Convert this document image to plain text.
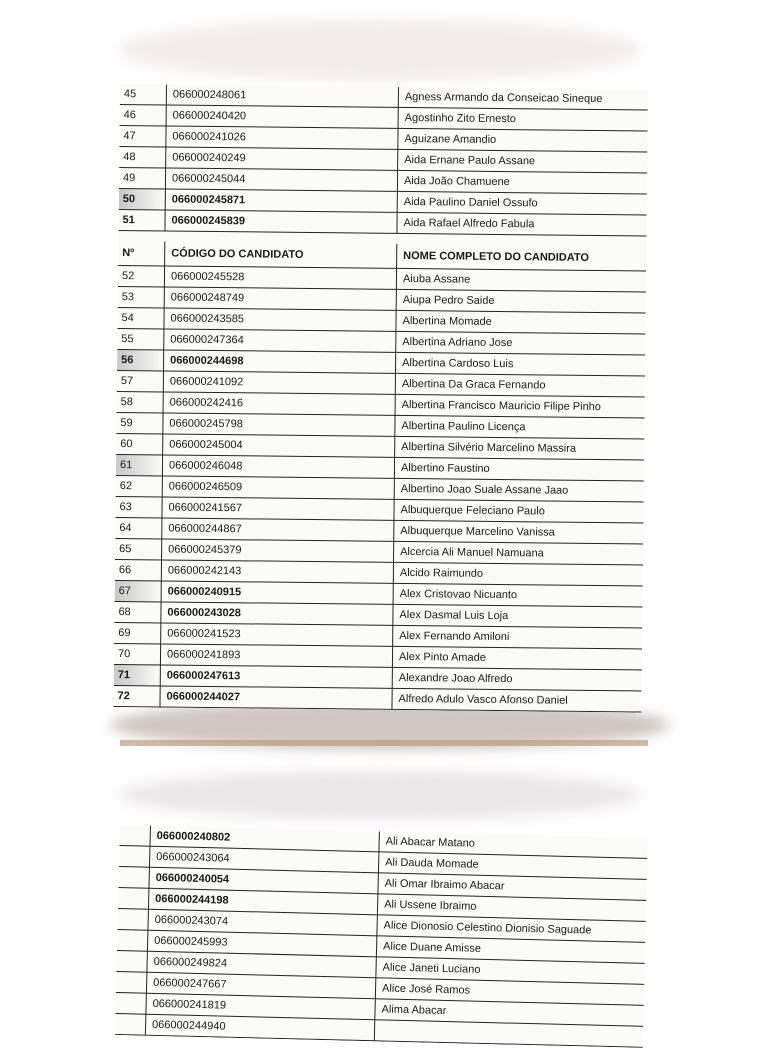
45	066000248061	Agness Armando da Conseicao Sineque
46	066000240420	Agostinho Zito Ernesto
47	066000241026	Aguizane Amandio
48	066000240249	Aida Ernane Paulo Assane
49	066000245044	Aida João Chamuene
50	066000245871	Aida Paulino Daniel Ossufo
51	066000245839	Aida Rafael Alfredo Fabula
Nº	CÓDIGO DO CANDIDATO	NOME COMPLETO DO CANDIDATO
52	066000245528	Aiuba Assane
53	066000248749	Aiupa Pedro Saide
54	066000243585	Albertina Momade
55	066000247364	Albertina Adriano Jose
56	066000244698	Albertina Cardoso Luis
57	066000241092	Albertina Da Graca Fernando
58	066000242416	Albertina Francisco Mauricio Filipe Pinho
59	066000245798	Albertina Paulino Licença
60	066000245004	Albertina Silvério Marcelino Massira
61	066000246048	Albertino Faustino
62	066000246509	Albertino Joao Suale Assane Jaao
63	066000241567	Albuquerque Feleciano Paulo
64	066000244867	Albuquerque Marcelino Vanissa
65	066000245379	Alcercia Ali Manuel Namuana
66	066000242143	Alcido Raimundo
67	066000240915	Alex Cristovao Nicuanto
68	066000243028	Alex Dasmal Luis Loja
69	066000241523	Alex Fernando Amiloni
70	066000241893	Alex Pinto Amade
71	066000247613	Alexandre Joao Alfredo
72	066000244027	Alfredo Adulo Vasco Afonso Daniel
	066000240802	Ali Abacar Matano
	066000243064	Ali Dauda Momade
	066000240054	Ali Omar Ibraimo Abacar
	066000244198	Ali Ussene Ibraimo
	066000243074	Alice Dionosio Celestino Dionisio Saguade
	066000245993	Alice Duane Amisse
	066000249824	Alice Janeti Luciano
	066000247667	Alice José Ramos
	066000241819	Alima Abacar
	066000244940	
